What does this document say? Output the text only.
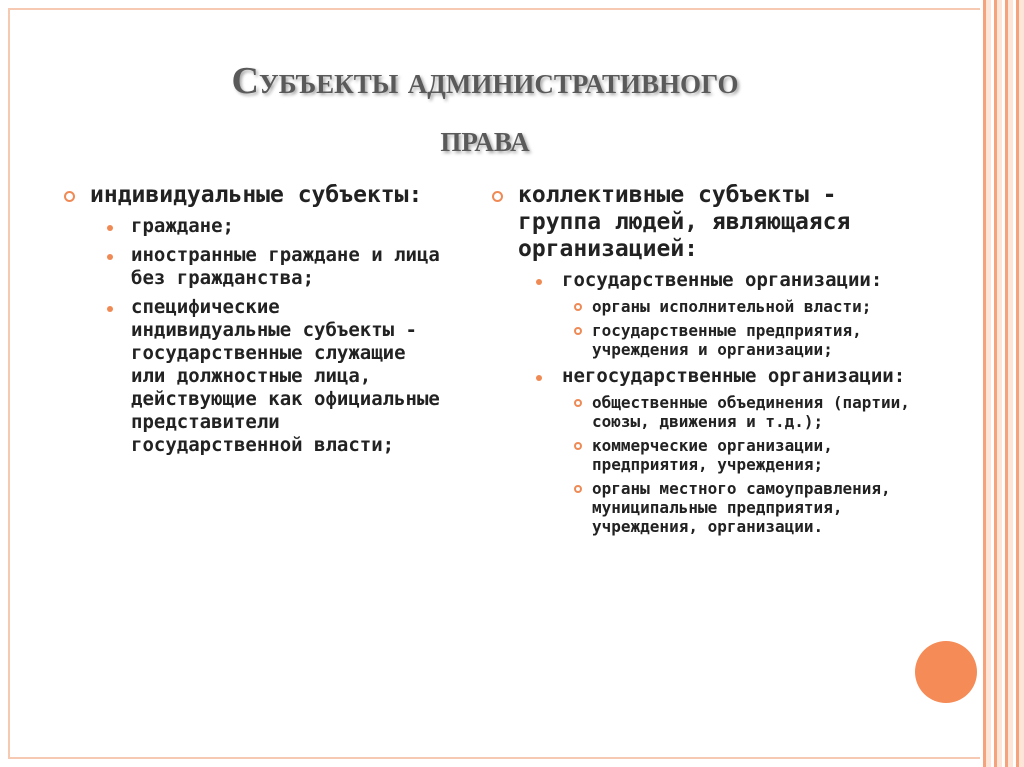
Субъекты административного
права
индивидуальные субъекты:
граждане;
иностранные граждане и лица без гражданства;
специфические индивидуальные субъекты - государственные служащие или должностные лица, действующие как официальные представители государственной власти;
коллективные субъекты - группа людей, являющаяся организацией:
государственные организации:
органы исполнительной власти;
государственные предприятия, учреждения и организации;
негосударственные организации:
общественные объединения (партии, союзы, движения и т.д.);
коммерческие организации, предприятия, учреждения;
органы местного самоуправления, муниципальные предприятия, учреждения, организации.
